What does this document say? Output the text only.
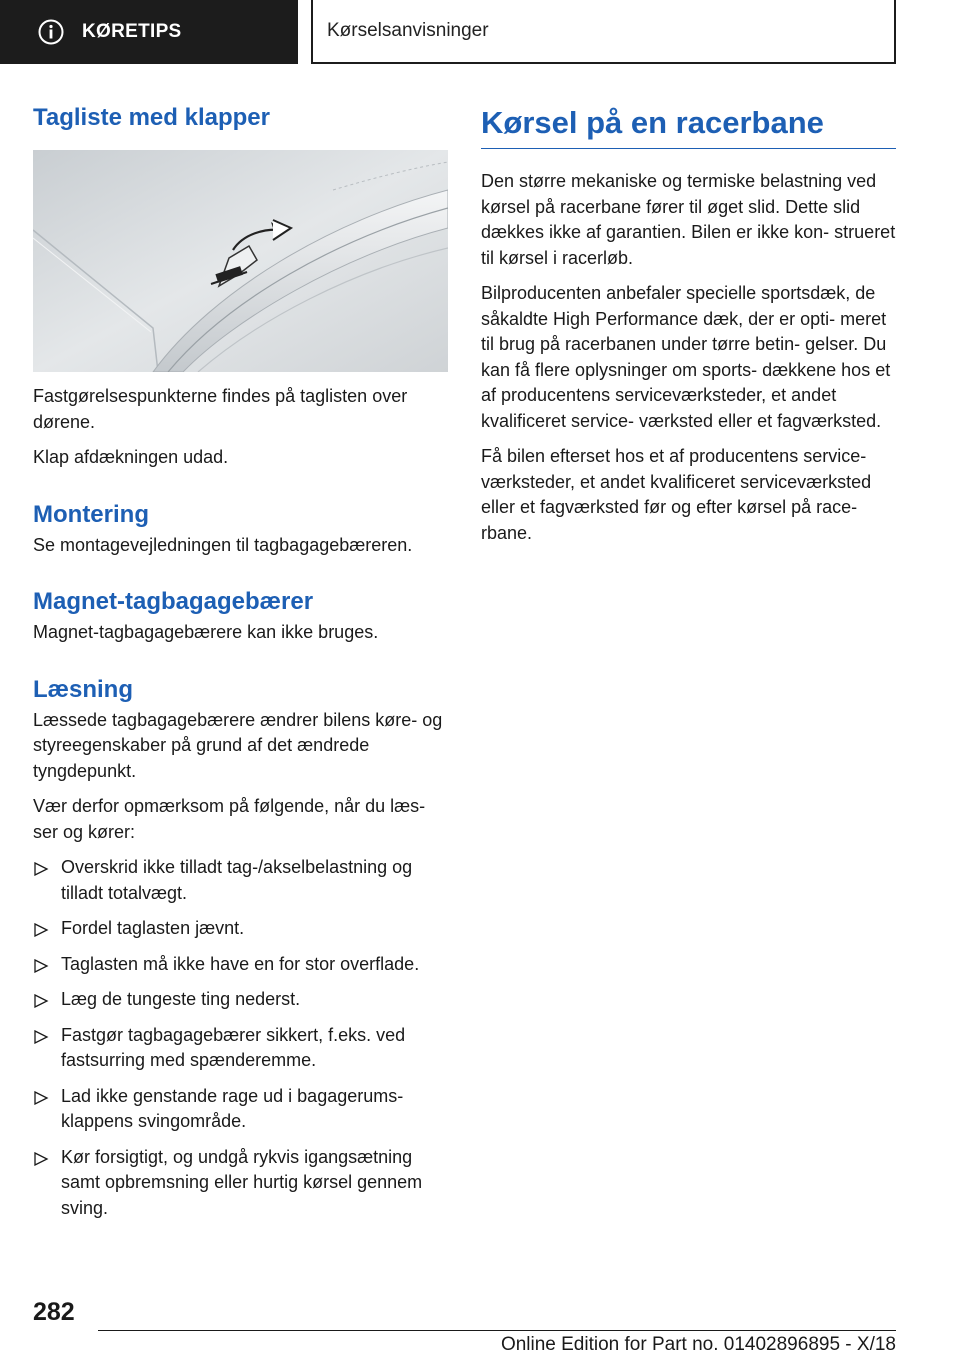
KØRETIPS	Kørselsanvisninger
Tagliste med klapper

Fastgørelsespunkterne findes på taglisten over dørene.

Klap afdækningen udad.

Montering

Se montagevejledningen til tagbagagebæreren.

Magnet-tagbagagebærer

Magnet-tagbagagebærere kan ikke bruges.

Læsning

Læssede tagbagagebærere ændrer bilens køre- og styreegenskaber på grund af det ændrede tyngdepunkt.

Vær derfor opmærksom på følgende, når du læs- ser og kører:

Overskrid ikke tilladt tag-/akselbelastning og tilladt totalvægt.
Fordel taglasten jævnt.
Taglasten må ikke have en for stor overflade.
Læg de tungeste ting nederst.
Fastgør tagbagagebærer sikkert, f.eks. ved fastsurring med spænderemme.
Lad ikke genstande rage ud i bagagerums- klappens svingområde.
Kør forsigtigt, og undgå rykvis igangsætning samt opbremsning eller hurtig kørsel gennem sving.
Kørsel på en racerbane

Den større mekaniske og termiske belastning ved kørsel på racerbane fører til øget slid. Dette slid dækkes ikke af garantien. Bilen er ikke kon- strueret til kørsel i racerløb.

Bilproducenten anbefaler specielle sportsdæk, de såkaldte High Performance dæk, der er opti- meret til brug på racerbanen under tørre betin- gelser. Du kan få flere oplysninger om sports- dækkene hos et af producentens serviceværksteder, et andet kvalificeret service- værksted eller et fagværksted.

Få bilen efterset hos et af producentens service- værksteder, et andet kvalificeret serviceværksted eller et fagværksted før og efter kørsel på race- rbane.

282
Online Edition for Part no. 01402896895 - X/18
